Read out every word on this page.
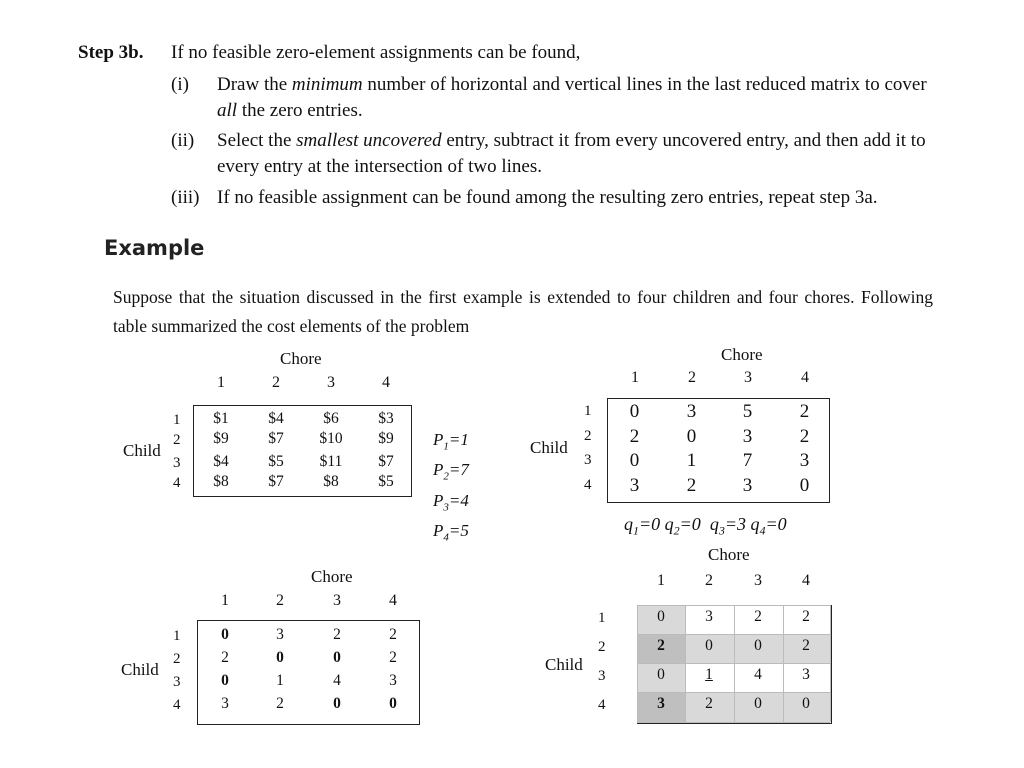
Step 3b. If no feasible zero-element assignments can be found,
(i) Draw the minimum number of horizontal and vertical lines in the last reduced matrix to cover all the zero entries.
(ii) Select the smallest uncovered entry, subtract it from every uncovered entry, and then add it to every entry at the intersection of two lines.
(iii) If no feasible assignment can be found among the resulting zero entries, repeat step 3a.
Example
Suppose that the situation discussed in the first example is extended to four children and four chores. Following table summarized the cost elements of the problem
Chore
1	2	3	4
1
2
3
4
Child
$1	$4	$6	$3
$9	$7	$10	$9
$4	$5	$11	$7
$8	$7	$8	$5
$P_1=1$
$P_2=7$
$P_3=4$
$P_4=5$
Chore
1	2	3	4
1
2
3
4
Child
0	3	5	2
2	0	3	2
0	1	7	3
3	2	3	0
$q_1=0$ $q_2=0$ $q_3=3$ $q_4=0$
Chore
1	2	3	4
1
2
3
4
Child
0	3	2	2
2	0	0	2
0	1	4	3
3	2	0	0
Chore
1	2	3	4
1
2
3
4
Child
0	3	2	2
2	0	0	2
0	1	4	3
3	2	0	0
